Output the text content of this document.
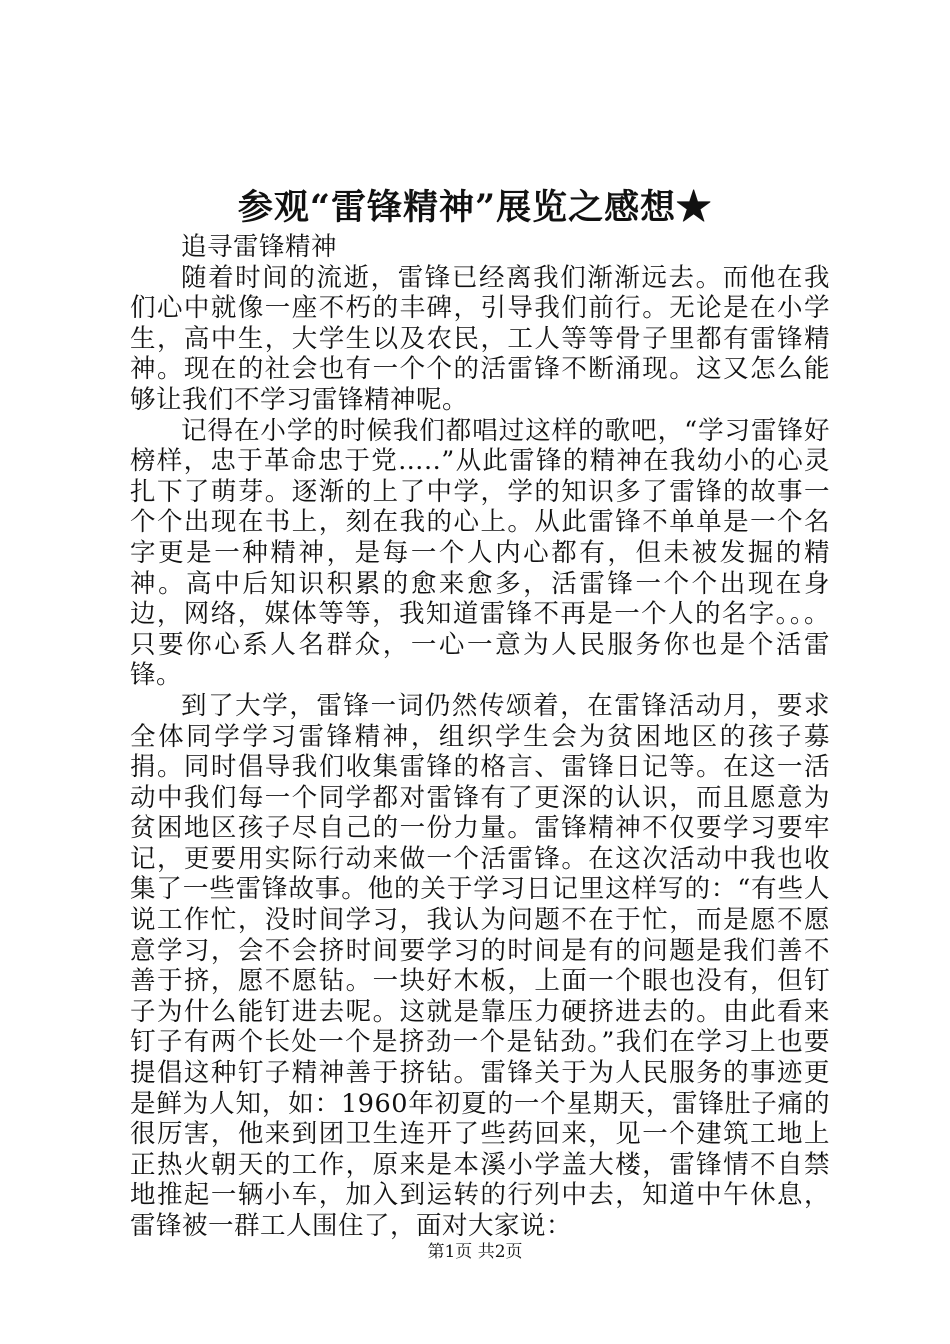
参观“雷锋精神”展览之感想★

追寻雷锋精神

随着时间的流逝，雷锋已经离我们渐渐远去。而他在我们心中就像一座不朽的丰碑，引导我们前行。无论是在小学生，高中生，大学生以及农民，工人等等骨子里都有雷锋精神。现在的社会也有一个个的活雷锋不断涌现。这又怎么能够让我们不学习雷锋精神呢。

记得在小学的时候我们都唱过这样的歌吧，“学习雷锋好榜样，忠于革命忠于党…..”从此雷锋的精神在我幼小的心灵扎下了萌芽。逐渐的上了中学，学的知识多了雷锋的故事一个个出现在书上，刻在我的心上。从此雷锋不单单是一个名字更是一种精神，是每一个人内心都有，但未被发掘的精神。高中后知识积累的愈来愈多，活雷锋一个个出现在身边，网络，媒体等等，我知道雷锋不再是一个人的名字。。。只要你心系人名群众，一心一意为人民服务你也是个活雷锋。

到了大学，雷锋一词仍然传颂着，在雷锋活动月，要求全体同学学习雷锋精神，组织学生会为贫困地区的孩子募捐。同时倡导我们收集雷锋的格言、雷锋日记等。在这一活动中我们每一个同学都对雷锋有了更深的认识，而且愿意为贫困地区孩子尽自己的一份力量。雷锋精神不仅要学习要牢记，更要用实际行动来做一个活雷锋。在这次活动中我也收集了一些雷锋故事。他的关于学习日记里这样写的：“有些人说工作忙，没时间学习，我认为问题不在于忙，而是愿不愿意学习，会不会挤时间要学习的时间是有的问题是我们善不善于挤，愿不愿钻。一块好木板，上面一个眼也没有，但钉子为什么能钉进去呢。这就是靠压力硬挤进去的。由此看来钉子有两个长处一个是挤劲一个是钻劲。”我们在学习上也要提倡这种钉子精神善于挤钻。雷锋关于为人民服务的事迹更是鲜为人知，如：1960年初夏的一个星期天，雷锋肚子痛的很厉害，他来到团卫生连开了些药回来，见一个建筑工地上正热火朝天的工作，原来是本溪小学盖大楼，雷锋情不自禁地推起一辆小车，加入到运转的行列中去，知道中午休息，雷锋被一群工人围住了，面对大家说：

第1页 共2页
